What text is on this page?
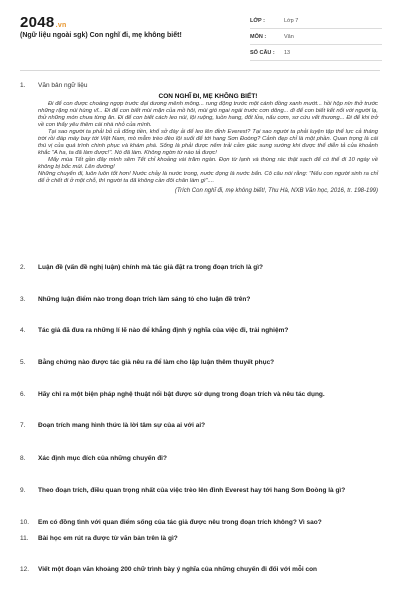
2048.vn
(Ngữ liệu ngoài sgk) Con nghĩ đi, mẹ không biết!
LỚP :	Lớp 7
MÔN :	Văn
SỐ CÂU :	13
1. Văn bản ngữ liệu
CON NGHĨ ĐI, MẸ KHÔNG BIẾT!

Đi để con được choáng ngợp trước đại dương mênh mông... rung động trước một cánh đồng xanh mướt... hồi hộp nín thở trước những rặng núi hùng vĩ... Đi để con biết mùi mặn của mồ hôi, mùi gió ngai ngái trước cơn dông... đi để con biết kết nối với người lạ, thử những món chưa từng ăn. Đi để con biết cách leo núi, lội ruộng, luồn hang, đốt lửa, nấu cơm, sơ cứu vết thương... Đi để khi trở về con thấy yêu thêm cái nhà nhỏ của mình.

Tại sao người ta phải bỏ cả đống tiền, khổ sở đày ải để leo lên đỉnh Everest? Tại sao người ta phải luyện tập thể lực cả tháng trời rồi đáp máy bay tới Việt Nam, mò mẫm trèo đèo lội suối để tới hang Sơn Đoòng? Cảnh đẹp chỉ là một phần. Quan trọng là cái thú vị của quá trình chinh phục và khám phá. Sống là phải được nếm trải cảm giác sung sướng khi được thể diễn tả của khoảnh khắc "A ha, ta đã làm được!". Nó đã làm. Không ngờn từ nào tả được!

Mấy mùa Tết gần đây mình sẽm Tết chỉ khoảng vài trăm ngàn. Đọn từ lạnh và thùng rác thật sạch để có thể đi 10 ngày về không bị bốc mùi. Lên đường!

Những chuyến đi, luôn luôn tốt hơn! Nước chảy là nước trong, nước đọng là nước bẩn. Cô câu nói rằng: "Nếu con người sinh ra chỉ để ở chết đi ở một chỗ, thì người ta đã không cần đôi chân làm gì"....

(Trích Con nghĩ đi, mẹ không biết!, Thu Hà, NXB Văn học, 2016, tr. 198-199)
2. Luận đề (vấn đề nghị luận) chính mà tác giả đặt ra trong đoạn trích là gì?
3. Những luận điểm nào trong đoạn trích làm sáng tỏ cho luận đề trên?
4. Tác giả đã đưa ra những lí lẽ nào để khẳng định ý nghĩa của việc đi, trải nghiệm?
5. Bằng chứng nào được tác giả nêu ra để làm cho lập luận thêm thuyết phục?
6. Hãy chỉ ra một biện pháp nghệ thuật nổi bật được sử dụng trong đoạn trích và nêu tác dụng.
7. Đoạn trích mang hình thức là lời tâm sự của ai với ai?
8. Xác định mục đích của những chuyến đi?
9. Theo đoạn trích, điều quan trọng nhất của việc trèo lên đỉnh Everest hay tới hang Sơn Đoòng là gì?
10. Em có đồng tình với quan điểm sống của tác giả được nêu trong đoạn trích không? Vì sao?
11. Bài học em rút ra được từ văn bản trên là gì?
12. Viết một đoạn văn khoảng 200 chữ trình bày ý nghĩa của những chuyến đi đối với mỗi con
